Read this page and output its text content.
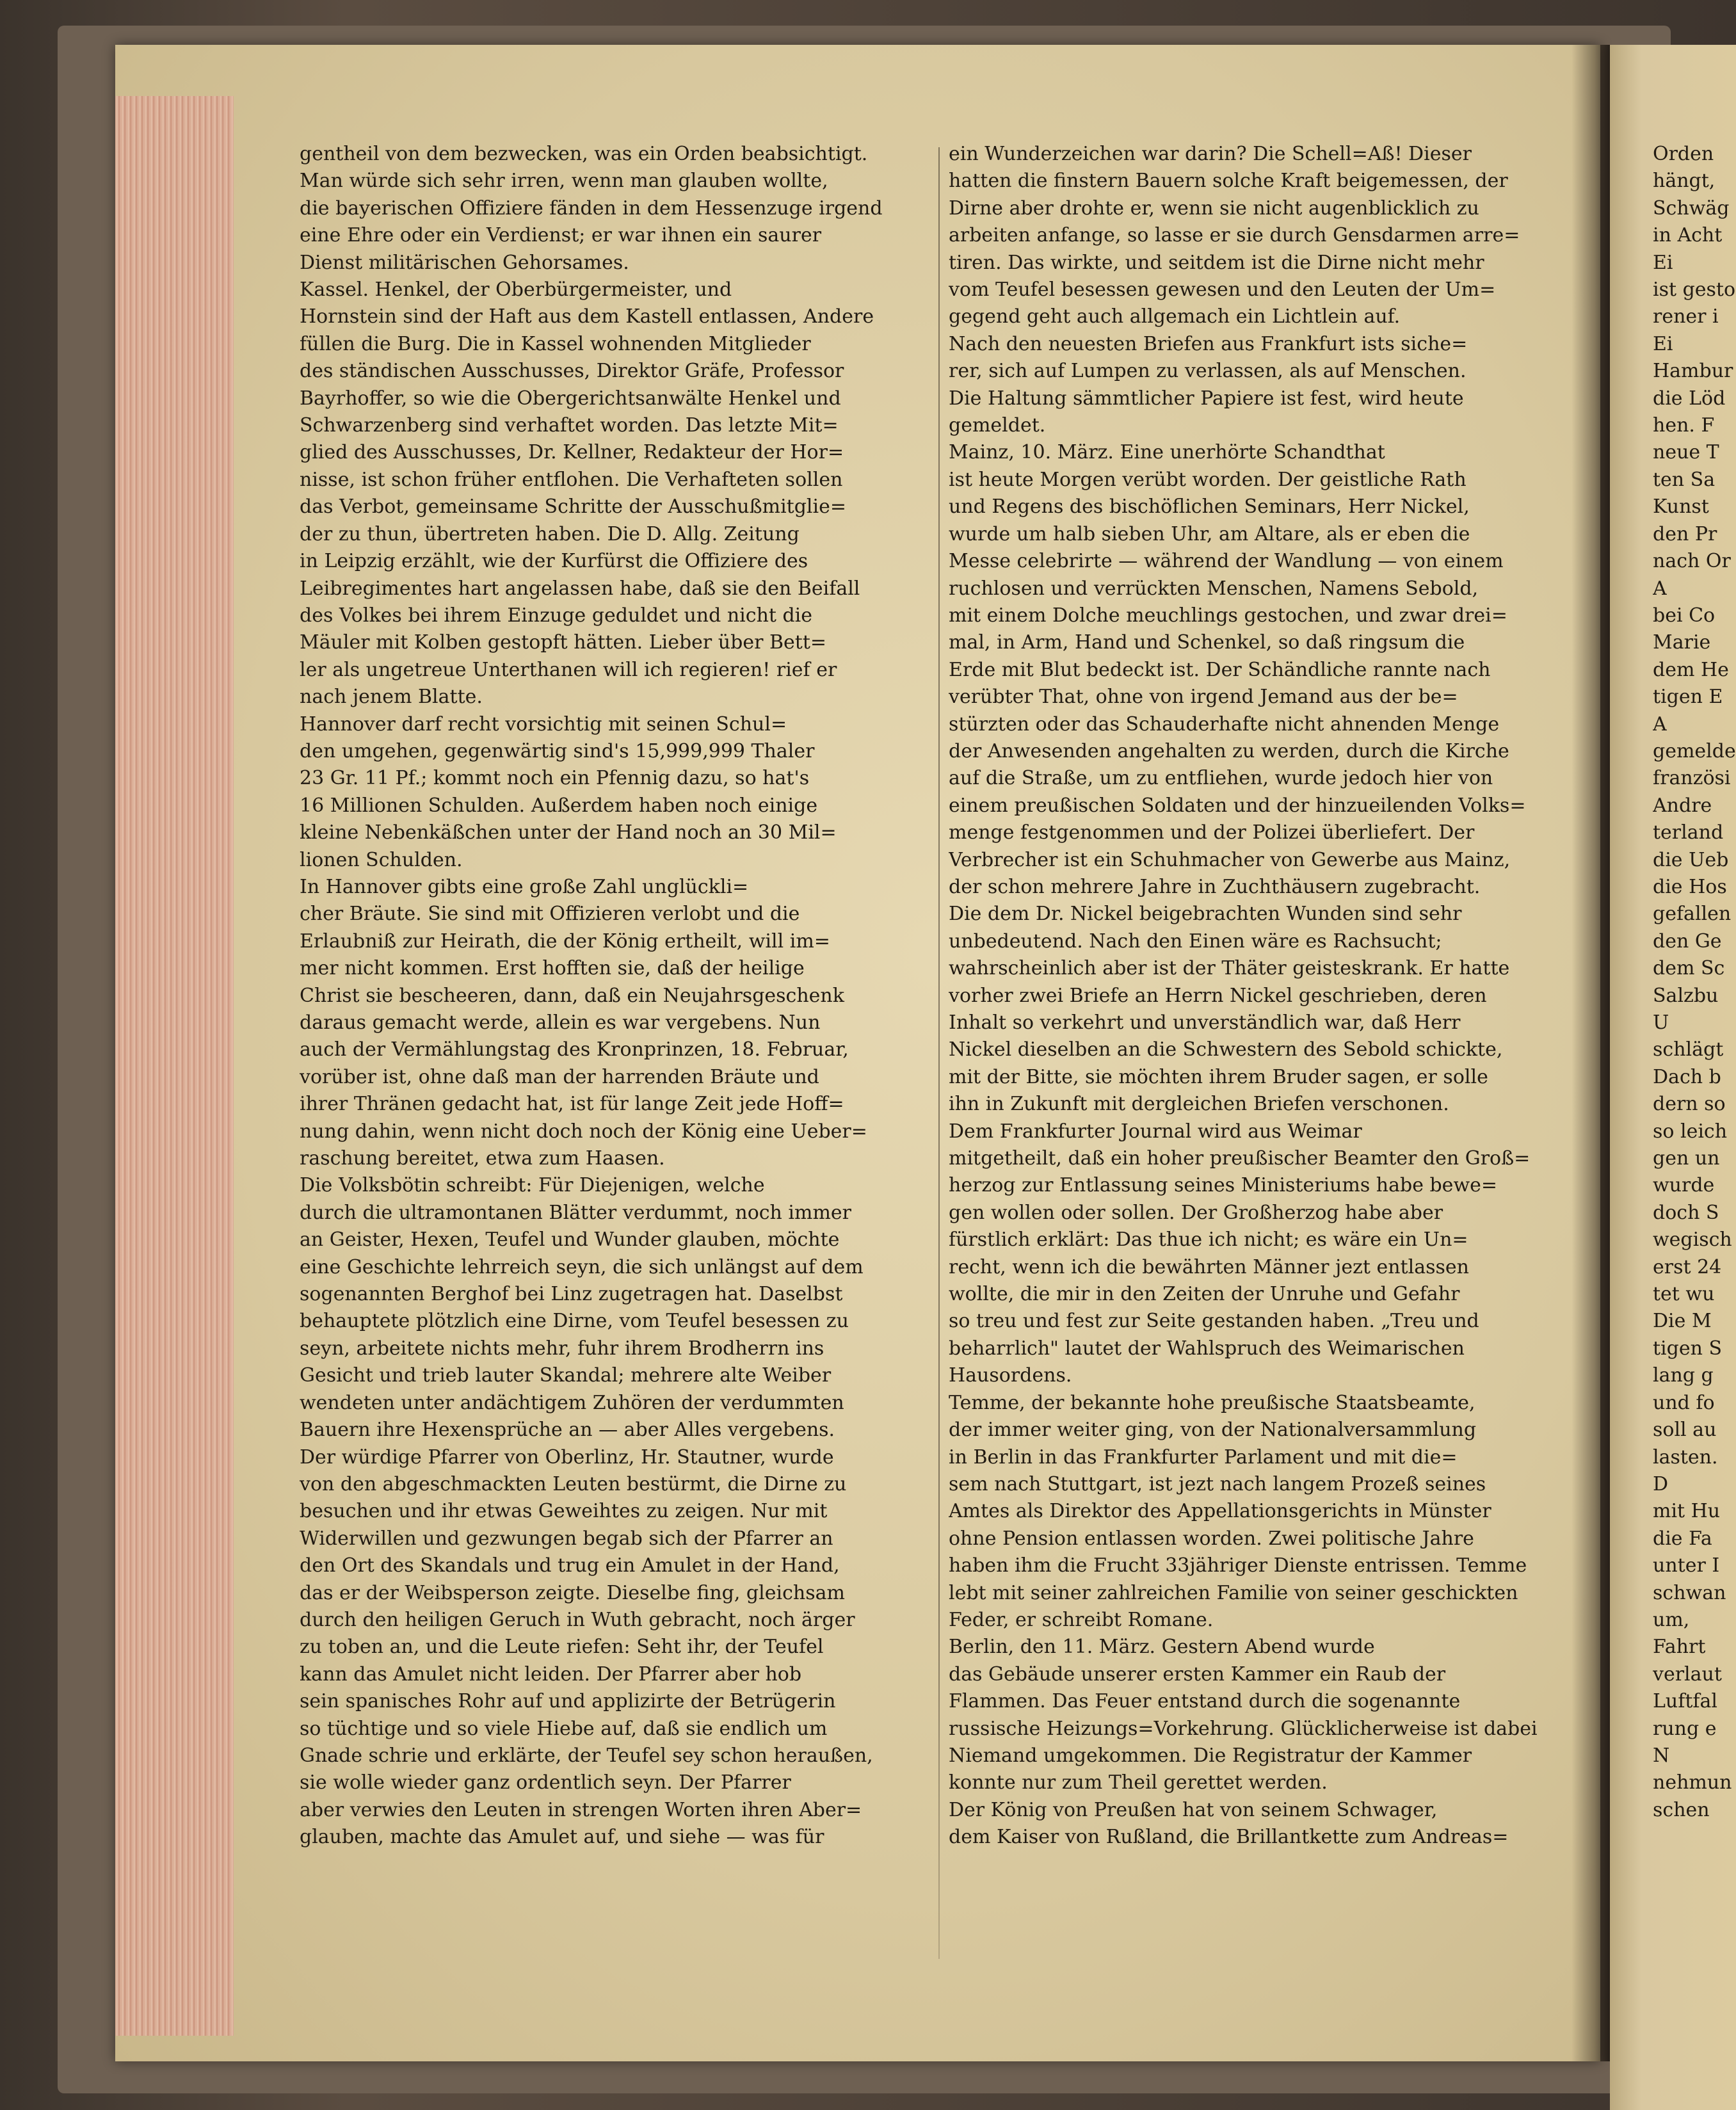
gentheil von dem bezwecken, was ein Orden beabsichtigt.
Man würde sich sehr irren, wenn man glauben wollte,
die bayerischen Offiziere fänden in dem Hessenzuge irgend
eine Ehre oder ein Verdienst; er war ihnen ein saurer
Dienst militärischen Gehorsames.
Kassel. Henkel, der Oberbürgermeister, und
Hornstein sind der Haft aus dem Kastell entlassen, Andere
füllen die Burg. Die in Kassel wohnenden Mitglieder
des ständischen Ausschusses, Direktor Gräfe, Professor
Bayrhoffer, so wie die Obergerichtsanwälte Henkel und
Schwarzenberg sind verhaftet worden. Das letzte Mit=
glied des Ausschusses, Dr. Kellner, Redakteur der Hor=
nisse, ist schon früher entflohen. Die Verhafteten sollen
das Verbot, gemeinsame Schritte der Ausschußmitglie=
der zu thun, übertreten haben. Die D. Allg. Zeitung
in Leipzig erzählt, wie der Kurfürst die Offiziere des
Leibregimentes hart angelassen habe, daß sie den Beifall
des Volkes bei ihrem Einzuge geduldet und nicht die
Mäuler mit Kolben gestopft hätten. Lieber über Bett=
ler als ungetreue Unterthanen will ich regieren! rief er
nach jenem Blatte.
Hannover darf recht vorsichtig mit seinen Schul=
den umgehen, gegenwärtig sind's 15,999,999 Thaler
23 Gr. 11 Pf.; kommt noch ein Pfennig dazu, so hat's
16 Millionen Schulden. Außerdem haben noch einige
kleine Nebenkäßchen unter der Hand noch an 30 Mil=
lionen Schulden.
In Hannover gibts eine große Zahl unglückli=
cher Bräute. Sie sind mit Offizieren verlobt und die
Erlaubniß zur Heirath, die der König ertheilt, will im=
mer nicht kommen. Erst hofften sie, daß der heilige
Christ sie bescheeren, dann, daß ein Neujahrsgeschenk
daraus gemacht werde, allein es war vergebens. Nun
auch der Vermählungstag des Kronprinzen, 18. Februar,
vorüber ist, ohne daß man der harrenden Bräute und
ihrer Thränen gedacht hat, ist für lange Zeit jede Hoff=
nung dahin, wenn nicht doch noch der König eine Ueber=
raschung bereitet, etwa zum Haasen.
Die Volksbötin schreibt: Für Diejenigen, welche
durch die ultramontanen Blätter verdummt, noch immer
an Geister, Hexen, Teufel und Wunder glauben, möchte
eine Geschichte lehrreich seyn, die sich unlängst auf dem
sogenannten Berghof bei Linz zugetragen hat. Daselbst
behauptete plötzlich eine Dirne, vom Teufel besessen zu
seyn, arbeitete nichts mehr, fuhr ihrem Brodherrn ins
Gesicht und trieb lauter Skandal; mehrere alte Weiber
wendeten unter andächtigem Zuhören der verdummten
Bauern ihre Hexensprüche an — aber Alles vergebens.
Der würdige Pfarrer von Oberlinz, Hr. Stautner, wurde
von den abgeschmackten Leuten bestürmt, die Dirne zu
besuchen und ihr etwas Geweihtes zu zeigen. Nur mit
Widerwillen und gezwungen begab sich der Pfarrer an
den Ort des Skandals und trug ein Amulet in der Hand,
das er der Weibsperson zeigte. Dieselbe fing, gleichsam
durch den heiligen Geruch in Wuth gebracht, noch ärger
zu toben an, und die Leute riefen: Seht ihr, der Teufel
kann das Amulet nicht leiden. Der Pfarrer aber hob
sein spanisches Rohr auf und applizirte der Betrügerin
so tüchtige und so viele Hiebe auf, daß sie endlich um
Gnade schrie und erklärte, der Teufel sey schon heraußen,
sie wolle wieder ganz ordentlich seyn. Der Pfarrer
aber verwies den Leuten in strengen Worten ihren Aber=
glauben, machte das Amulet auf, und siehe — was für
ein Wunderzeichen war darin? Die Schell=Aß! Dieser
hatten die finstern Bauern solche Kraft beigemessen, der
Dirne aber drohte er, wenn sie nicht augenblicklich zu
arbeiten anfange, so lasse er sie durch Gensdarmen arre=
tiren. Das wirkte, und seitdem ist die Dirne nicht mehr
vom Teufel besessen gewesen und den Leuten der Um=
gegend geht auch allgemach ein Lichtlein auf.
Nach den neuesten Briefen aus Frankfurt ists siche=
rer, sich auf Lumpen zu verlassen, als auf Menschen.
Die Haltung sämmtlicher Papiere ist fest, wird heute
gemeldet.
Mainz, 10. März. Eine unerhörte Schandthat
ist heute Morgen verübt worden. Der geistliche Rath
und Regens des bischöflichen Seminars, Herr Nickel,
wurde um halb sieben Uhr, am Altare, als er eben die
Messe celebrirte — während der Wandlung — von einem
ruchlosen und verrückten Menschen, Namens Sebold,
mit einem Dolche meuchlings gestochen, und zwar drei=
mal, in Arm, Hand und Schenkel, so daß ringsum die
Erde mit Blut bedeckt ist. Der Schändliche rannte nach
verübter That, ohne von irgend Jemand aus der be=
stürzten oder das Schauderhafte nicht ahnenden Menge
der Anwesenden angehalten zu werden, durch die Kirche
auf die Straße, um zu entfliehen, wurde jedoch hier von
einem preußischen Soldaten und der hinzueilenden Volks=
menge festgenommen und der Polizei überliefert. Der
Verbrecher ist ein Schuhmacher von Gewerbe aus Mainz,
der schon mehrere Jahre in Zuchthäusern zugebracht.
Die dem Dr. Nickel beigebrachten Wunden sind sehr
unbedeutend. Nach den Einen wäre es Rachsucht;
wahrscheinlich aber ist der Thäter geisteskrank. Er hatte
vorher zwei Briefe an Herrn Nickel geschrieben, deren
Inhalt so verkehrt und unverständlich war, daß Herr
Nickel dieselben an die Schwestern des Sebold schickte,
mit der Bitte, sie möchten ihrem Bruder sagen, er solle
ihn in Zukunft mit dergleichen Briefen verschonen.
Dem Frankfurter Journal wird aus Weimar
mitgetheilt, daß ein hoher preußischer Beamter den Groß=
herzog zur Entlassung seines Ministeriums habe bewe=
gen wollen oder sollen. Der Großherzog habe aber
fürstlich erklärt: Das thue ich nicht; es wäre ein Un=
recht, wenn ich die bewährten Männer jezt entlassen
wollte, die mir in den Zeiten der Unruhe und Gefahr
so treu und fest zur Seite gestanden haben. „Treu und
beharrlich" lautet der Wahlspruch des Weimarischen
Hausordens.
Temme, der bekannte hohe preußische Staatsbeamte,
der immer weiter ging, von der Nationalversammlung
in Berlin in das Frankfurter Parlament und mit die=
sem nach Stuttgart, ist jezt nach langem Prozeß seines
Amtes als Direktor des Appellationsgerichts in Münster
ohne Pension entlassen worden. Zwei politische Jahre
haben ihm die Frucht 33jähriger Dienste entrissen. Temme
lebt mit seiner zahlreichen Familie von seiner geschickten
Feder, er schreibt Romane.
Berlin, den 11. März. Gestern Abend wurde
das Gebäude unserer ersten Kammer ein Raub der
Flammen. Das Feuer entstand durch die sogenannte
russische Heizungs=Vorkehrung. Glücklicherweise ist dabei
Niemand umgekommen. Die Registratur der Kammer
konnte nur zum Theil gerettet werden.
Der König von Preußen hat von seinem Schwager,
dem Kaiser von Rußland, die Brillantkette zum Andreas=
Orden
hängt,
Schwäg
in Acht
Ei
ist gesto
rener i
Ei
Hambur
die Löd
hen. F
neue T
ten Sa
Kunst
den Pr
nach Or
A
bei Co
Marie
dem He
tigen E
A
gemelde
französi
Andre
terland
die Ueb
die Hos
gefallen
den Ge
dem Sc
Salzbu
U
schlägt
Dach b
dern so
so leich
gen un
wurde
doch S
wegisch
erst 24
tet wu
Die M
tigen S
lang g
und fo
soll au
lasten.
D
mit Hu
die Fa
unter I
schwan
um,
Fahrt
verlaut
Luftfal
rung e
N
nehmun
schen
